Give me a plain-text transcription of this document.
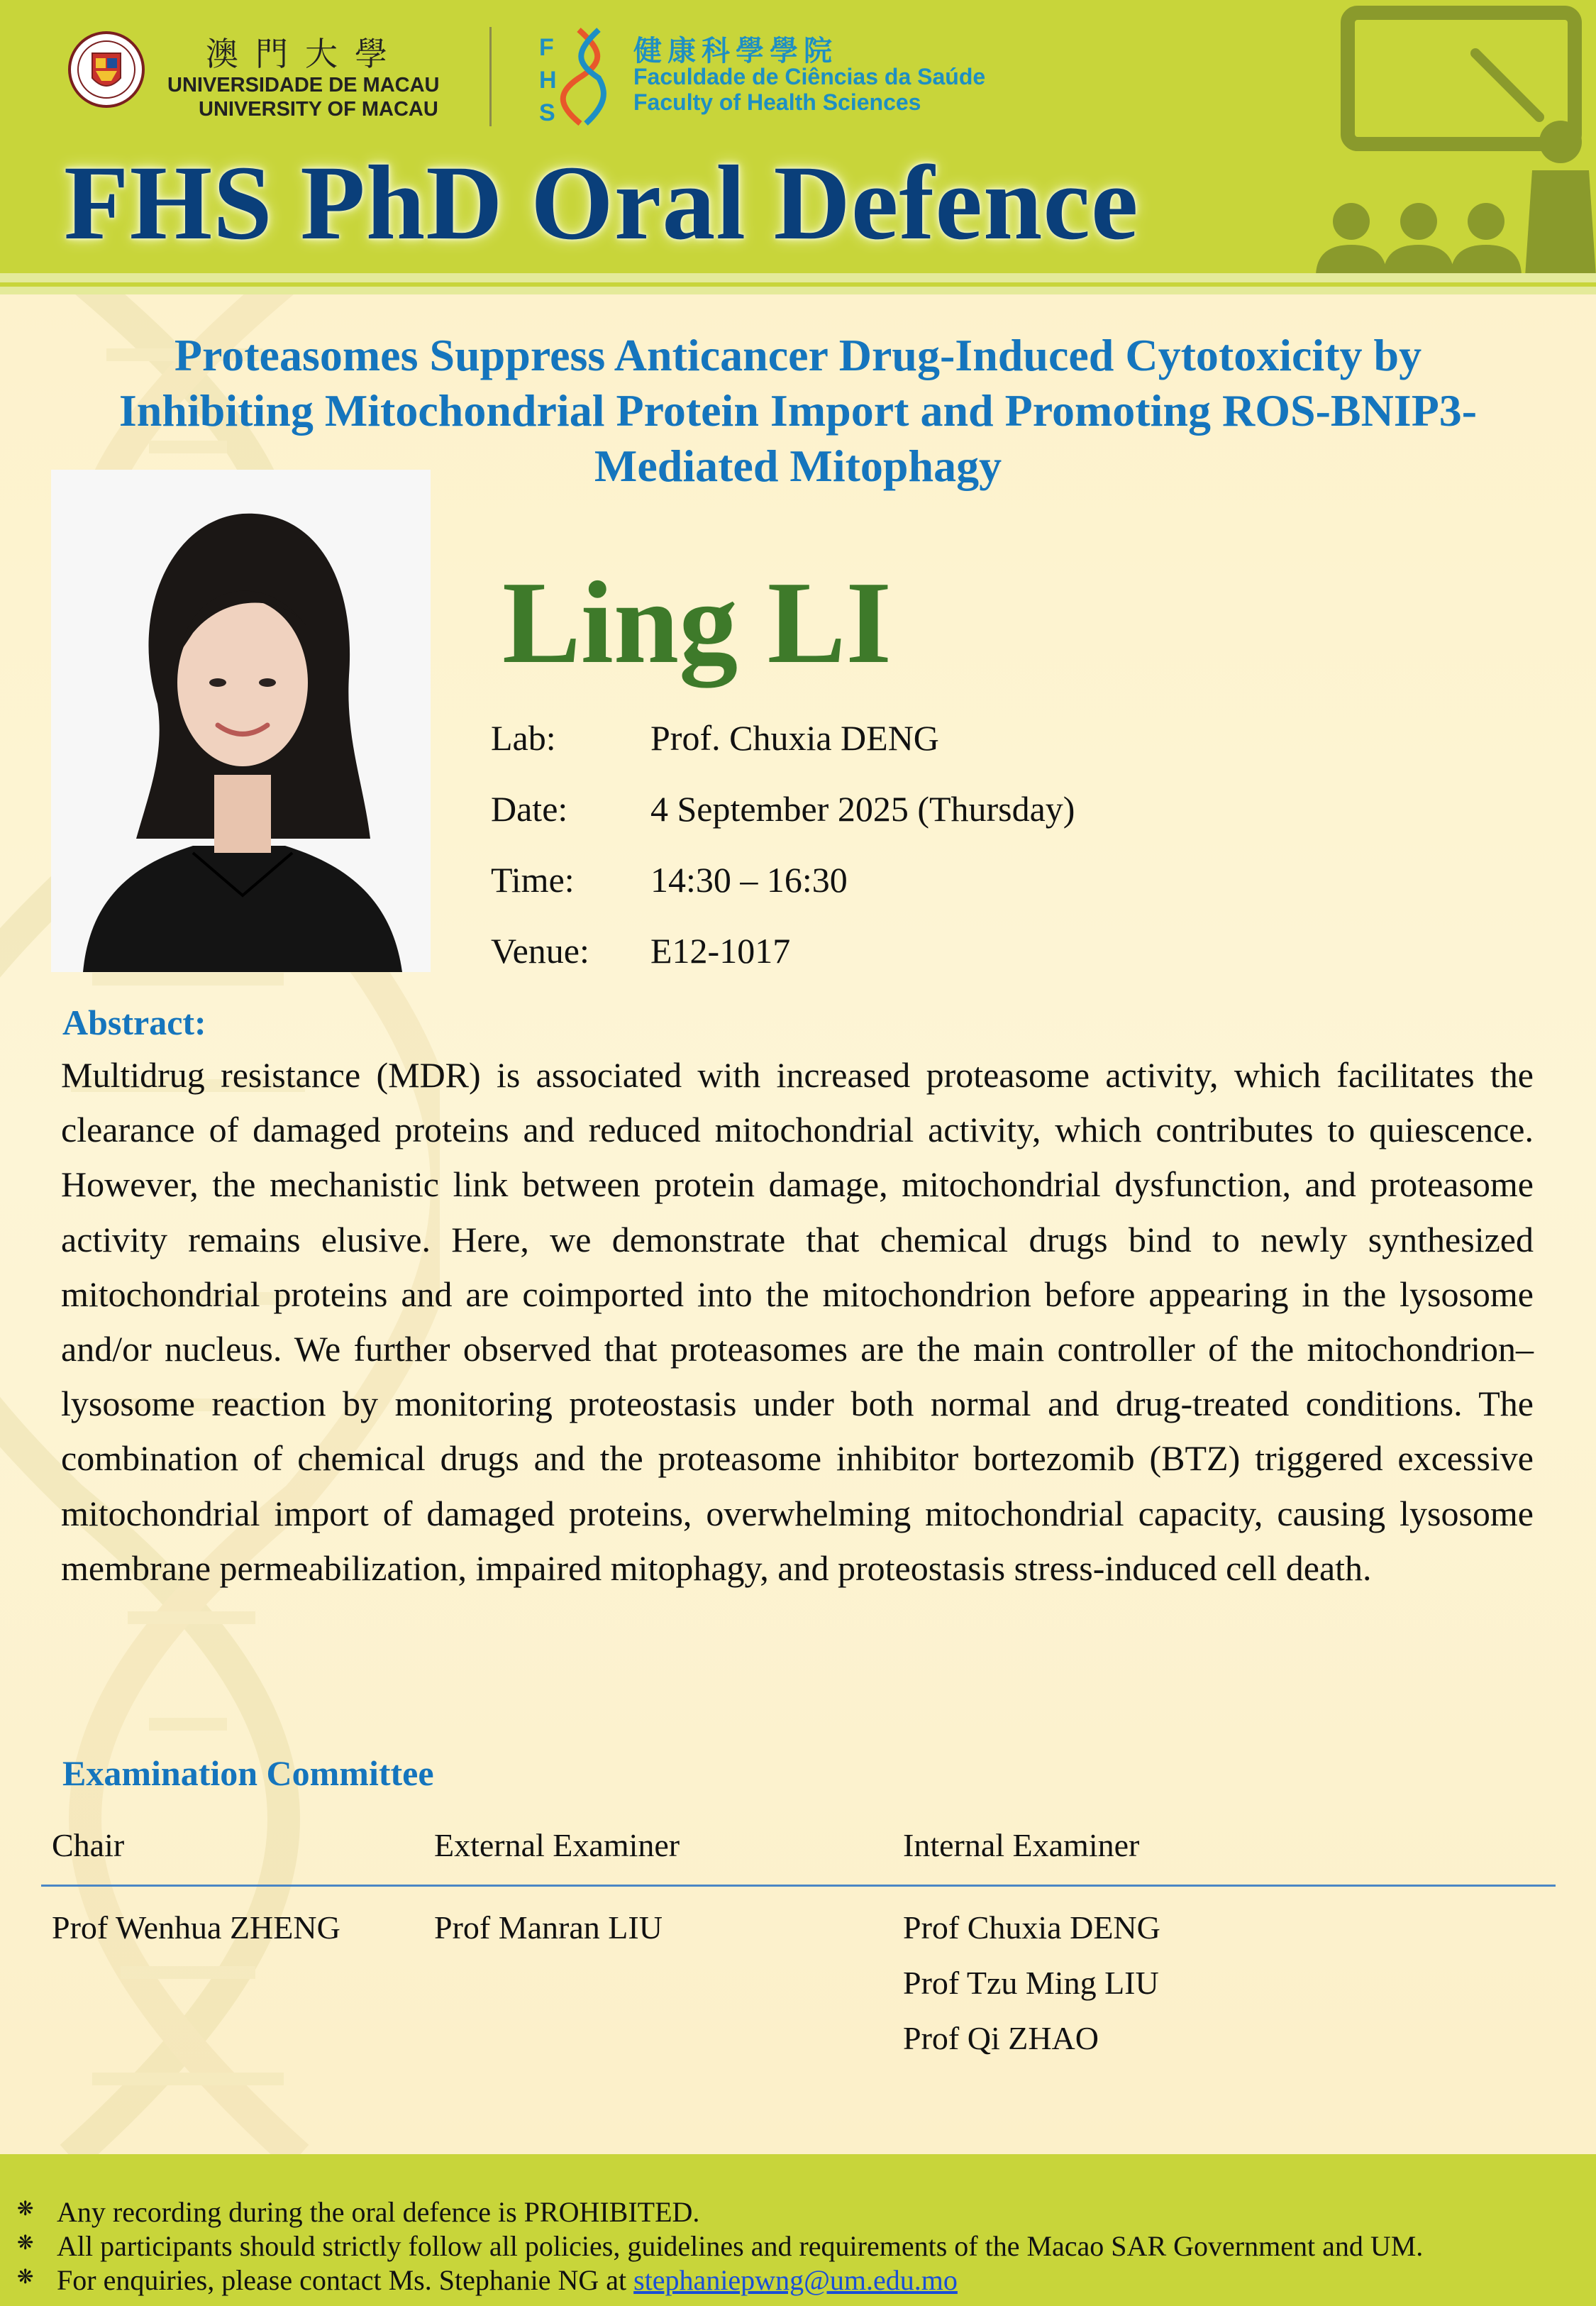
澳門大學
UNIVERSIDADE DE MACAU
UNIVERSITY OF MACAU
F
H
S
健康科學學院
Faculdade de Ciências da Saúde
Faculty of Health Sciences
FHS PhD Oral Defence
Proteasomes Suppress Anticancer Drug-Induced Cytotoxicity by
Inhibiting Mitochondrial Protein Import and Promoting ROS-BNIP3-
Mediated Mitophagy
Ling LI
Lab:	Prof. Chuxia DENG
Date: 4 September 2025 (Thursday)
Time: 14:30 – 16:30
Venue: E12-1017
Abstract:
Multidrug resistance (MDR) is associated with increased proteasome activity, which facilitates the clearance of damaged proteins and reduced mitochondrial activity, which contributes to quiescence. However, the mechanistic link between protein damage, mitochondrial dysfunction, and proteasome activity remains elusive. Here, we demonstrate that chemical drugs bind to newly synthesized mitochondrial proteins and are coimported into the mitochondrion before appearing in the lysosome and/or nucleus. We further observed that proteasomes are the main controller of the mitochondrion–lysosome reaction by monitoring proteostasis under both normal and drug-treated conditions. The combination of chemical drugs and the proteasome inhibitor bortezomib (BTZ) triggered excessive mitochondrial import of damaged proteins, overwhelming mitochondrial capacity, causing lysosome membrane permeabilization, impaired mitophagy, and proteostasis stress-induced cell death.
Examination Committee
Chair	External Examiner	Internal Examiner
Prof Wenhua ZHENG	Prof Manran LIU	Prof Chuxia DENG
Prof Tzu Ming LIU
Prof Qi ZHAO
❋ Any recording during the oral defence is PROHIBITED.
❋ All participants should strictly follow all policies, guidelines and requirements of the Macao SAR Government and UM.
❋ For enquiries, please contact Ms. Stephanie NG at stephaniepwng@um.edu.mo
